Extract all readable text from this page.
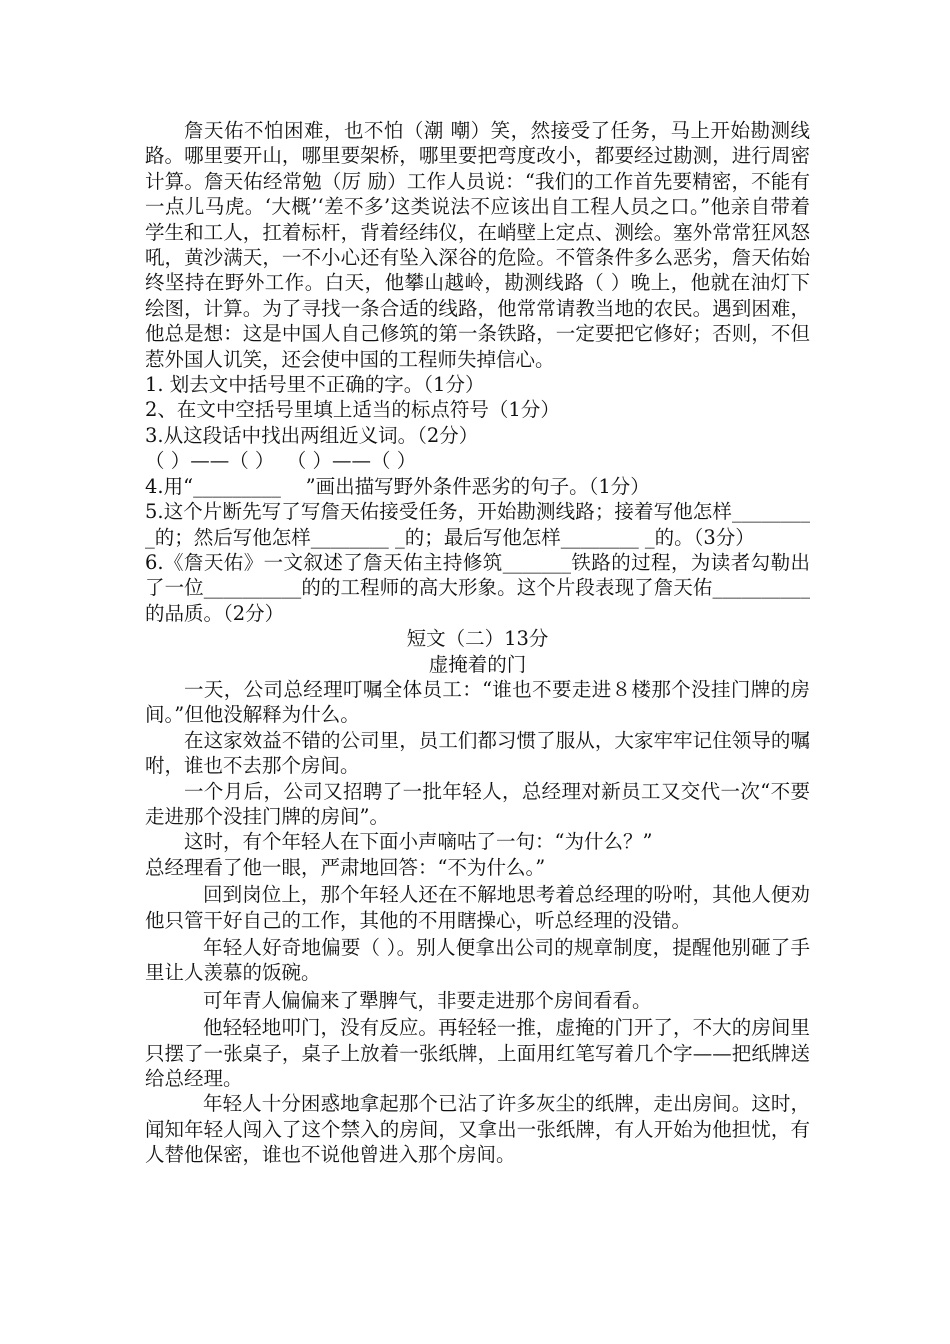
詹天佑不怕困难，也不怕（潮 嘲）笑，然接受了任务，马上开始勘测线路。哪里要开山，哪里要架桥，哪里要把弯度改小，都要经过勘测，进行周密计算。詹天佑经常勉（厉 励）工作人员说：“我们的工作首先要精密，不能有一点儿马虎。‘大概’‘差不多’这类说法不应该出自工程人员之口。”他亲自带着学生和工人，扛着标杆，背着经纬仪，在峭壁上定点、测绘。塞外常常狂风怒吼，黄沙满天，一不小心还有坠入深谷的危险。不管条件多么恶劣，詹天佑始终坚持在野外工作。白天，他攀山越岭，勘测线路（ ）晚上，他就在油灯下绘图，计算。为了寻找一条合适的线路，他常常请教当地的农民。遇到困难，他总是想：这是中国人自己修筑的第一条铁路，一定要把它修好；否则，不但惹外国人讥笑，还会使中国的工程师失掉信心。

1. 划去文中括号里不正确的字。（1分）

2、在文中空括号里填上适当的标点符号（1分）

3.从这段话中找出两组近义词。（2分）

（ ）——（ ）  （ ）——（ ）

4.用“_________    ”画出描写野外条件恶劣的句子。（1分）

5.这个片断先写了写詹天佑接受任务，开始勘测线路；接着写他怎样________ _的；然后写他怎样________ _的；最后写他怎样________ _的。（3分）

6.《詹天佑》一文叙述了詹天佑主持修筑_______铁路的过程，为读者勾勒出了一位__________的的工程师的高大形象。这个片段表现了詹天佑__________ 的品质。（2分）

短文（二）13分

虚掩着的门

一天，公司总经理叮嘱全体员工：“谁也不要走进８楼那个没挂门牌的房间。”但他没解释为什么。

在这家效益不错的公司里，员工们都习惯了服从，大家牢牢记住领导的嘱咐，谁也不去那个房间。

一个月后，公司又招聘了一批年轻人，总经理对新员工又交代一次“不要走进那个没挂门牌的房间”。

这时，有个年轻人在下面小声嘀咕了一句：“为什么？”

总经理看了他一眼，严肃地回答：“不为什么。”

回到岗位上，那个年轻人还在不解地思考着总经理的吩咐，其他人便劝他只管干好自己的工作，其他的不用瞎操心，听总经理的没错。

年轻人好奇地偏要（ ）。别人便拿出公司的规章制度，提醒他别砸了手里让人羡慕的饭碗。

可年青人偏偏来了犟脾气，非要走进那个房间看看。

他轻轻地叩门，没有反应。再轻轻一推，虚掩的门开了，不大的房间里只摆了一张桌子，桌子上放着一张纸牌，上面用红笔写着几个字——把纸牌送给总经理。

年轻人十分困惑地拿起那个已沾了许多灰尘的纸牌，走出房间。这时，闻知年轻人闯入了这个禁入的房间，又拿出一张纸牌，有人开始为他担忧，有人替他保密，谁也不说他曾进入那个房间。
